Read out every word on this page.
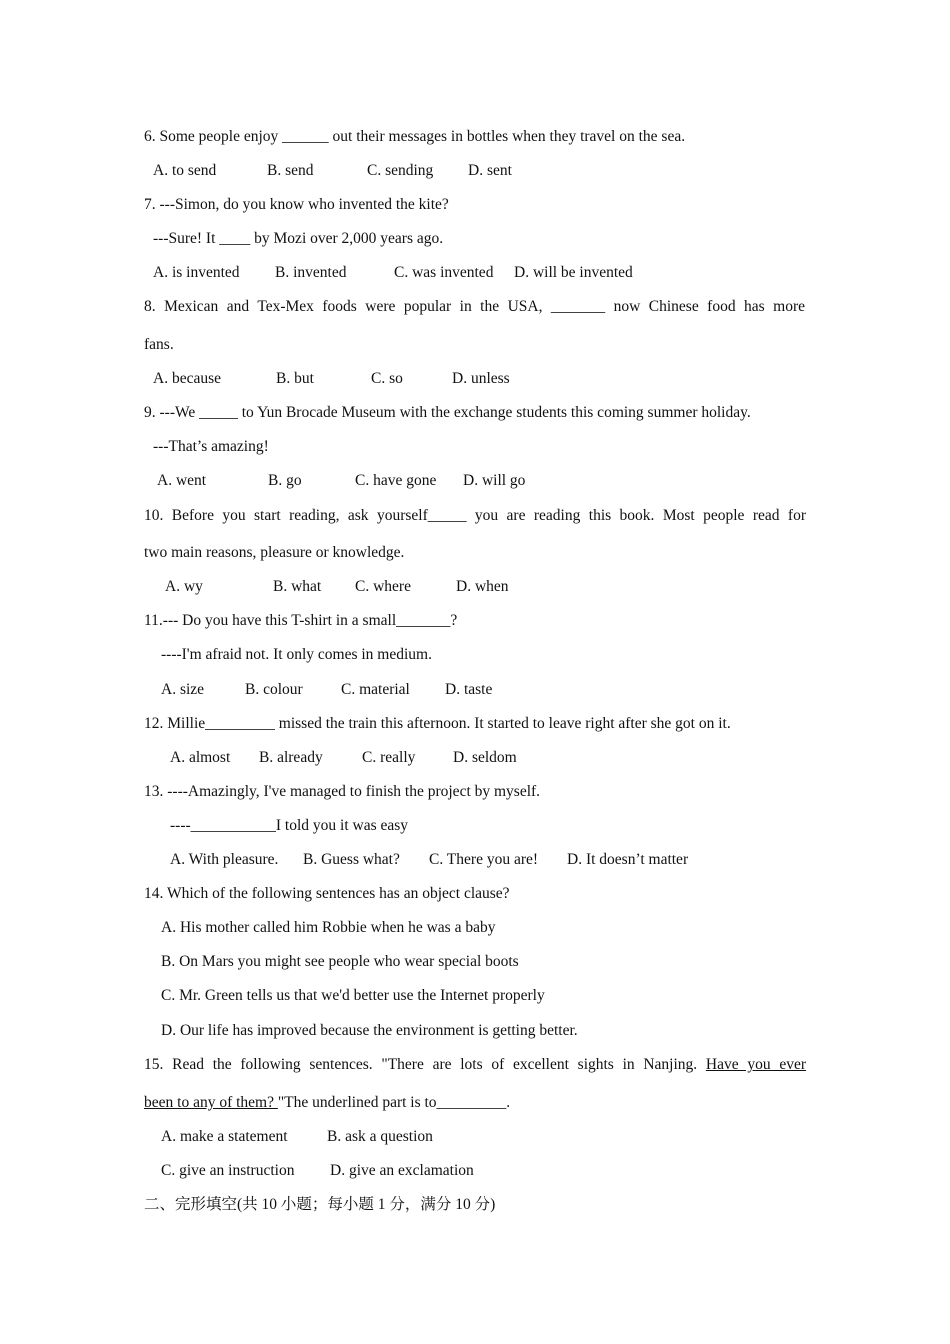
6. Some people enjoy ______ out their messages in bottles when they travel on the sea.
A. to send	B. send	C. sending D. sent
7. ---Simon, do you know who invented the kite?
---Sure! It ____ by Mozi over 2,000 years ago.
A. is invented B. invented	C. was invented D. will be invented
8. Mexican and Tex-Mex foods were popular in the USA, _______ now Chinese food has more
fans.
A. because	B. but	C. so	D. unless
9. ---We _____ to Yun Brocade Museum with the exchange students this coming summer holiday.
---That’s amazing!
A. went	B. go	C. have gone D. will go
10. Before you start reading, ask yourself_____ you are reading this book. Most people read for
two main reasons, pleasure or knowledge.
A. wy	B. what C. where	D. when
11.--- Do you have this T-shirt in a small_______?
----I'm afraid not. It only comes in medium.
A. size	B. colour C. material D. taste
12. Millie_________ missed the train this afternoon. It started to leave right after she got on it.
A. almost B. already	C. really D. seldom
13. ----Amazingly, I've managed to finish the project by myself.
----___________I told you it was easy
A. With pleasure. B. Guess what? C. There you are! D. It doesn’t matter
14. Which of the following sentences has an object clause?
A. His mother called him Robbie when he was a baby
B. On Mars you might see people who wear special boots
C. Mr. Green tells us that we'd better use the Internet properly
D. Our life has improved because the environment is getting better.
15. Read the following sentences. "There are lots of excellent sights in Nanjing. Have you ever
been to any of them? "The underlined part is to_________.
A. make a statement	B. ask a question
C. give an instruction D. give an exclamation
二、完形填空(共 10 小题；每小题 1 分，满分 10 分)
